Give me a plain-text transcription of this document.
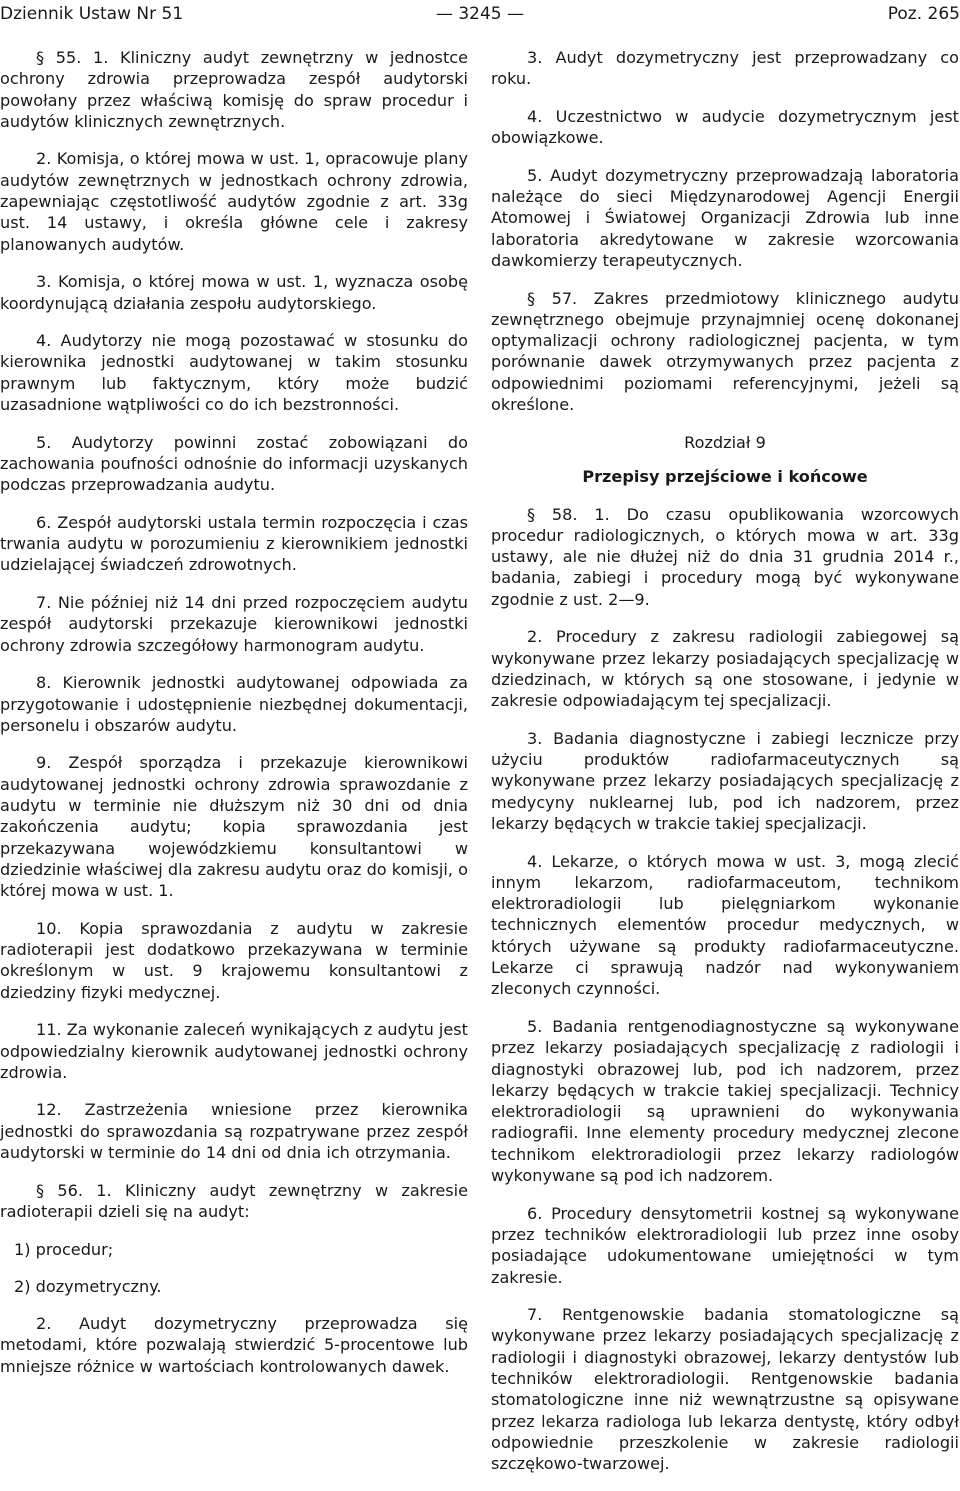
— 3245 —
Dziennik Ustaw Nr 51	Poz. 265

§ 55. 1. Kliniczny audyt zewnętrzny w jednostce ochrony zdrowia przeprowadza zespół audytorski powołany przez właściwą komisję do spraw procedur i audytów klinicznych zewnętrznych.

2. Komisja, o której mowa w ust. 1, opracowuje plany audytów zewnętrznych w jednostkach ochrony zdrowia, zapewniając częstotliwość audytów zgodnie z art. 33g ust. 14 ustawy, i określa główne cele i zakresy planowanych audytów.

3. Komisja, o której mowa w ust. 1, wyznacza osobę koordynującą działania zespołu audytorskiego.

4. Audytorzy nie mogą pozostawać w stosunku do kierownika jednostki audytowanej w takim stosunku prawnym lub faktycznym, który może budzić uzasadnione wątpliwości co do ich bezstronności.

5. Audytorzy powinni zostać zobowiązani do zachowania poufności odnośnie do informacji uzyskanych podczas przeprowadzania audytu.

6. Zespół audytorski ustala termin rozpoczęcia i czas trwania audytu w porozumieniu z kierownikiem jednostki udzielającej świadczeń zdrowotnych.

7. Nie później niż 14 dni przed rozpoczęciem audytu zespół audytorski przekazuje kierownikowi jednostki ochrony zdrowia szczegółowy harmonogram audytu.

8. Kierownik jednostki audytowanej odpowiada za przygotowanie i udostępnienie niezbędnej dokumentacji, personelu i obszarów audytu.

9. Zespół sporządza i przekazuje kierownikowi audytowanej jednostki ochrony zdrowia sprawozdanie z audytu w terminie nie dłuższym niż 30 dni od dnia zakończenia audytu; kopia sprawozdania jest przekazywana wojewódzkiemu konsultantowi w dziedzinie właściwej dla zakresu audytu oraz do komisji, o której mowa w ust. 1.

10. Kopia sprawozdania z audytu w zakresie radioterapii jest dodatkowo przekazywana w terminie określonym w ust. 9 krajowemu konsultantowi z dziedziny fizyki medycznej.

11. Za wykonanie zaleceń wynikających z audytu jest odpowiedzialny kierownik audytowanej jednostki ochrony zdrowia.

12. Zastrzeżenia wniesione przez kierownika jednostki do sprawozdania są rozpatrywane przez zespół audytorski w terminie do 14 dni od dnia ich otrzymania.

§ 56. 1. Kliniczny audyt zewnętrzny w zakresie radioterapii dzieli się na audyt:

1) procedur;

2) dozymetryczny.

2. Audyt dozymetryczny przeprowadza się metodami, które pozwalają stwierdzić 5-procentowe lub mniejsze różnice w wartościach kontrolowanych dawek.

3. Audyt dozymetryczny jest przeprowadzany co roku.

4. Uczestnictwo w audycie dozymetrycznym jest obowiązkowe.

5. Audyt dozymetryczny przeprowadzają laboratoria należące do sieci Międzynarodowej Agencji Energii Atomowej i Światowej Organizacji Zdrowia lub inne laboratoria akredytowane w zakresie wzorcowania dawkomierzy terapeutycznych.

§ 57. Zakres przedmiotowy klinicznego audytu zewnętrznego obejmuje przynajmniej ocenę dokonanej optymalizacji ochrony radiologicznej pacjenta, w tym porównanie dawek otrzymywanych przez pacjenta z odpowiednimi poziomami referencyjnymi, jeżeli są określone.

Rozdział 9

Przepisy przejściowe i końcowe

§ 58. 1. Do czasu opublikowania wzorcowych procedur radiologicznych, o których mowa w art. 33g ustawy, ale nie dłużej niż do dnia 31 grudnia 2014 r., badania, zabiegi i procedury mogą być wykonywane zgodnie z ust. 2—9.

2. Procedury z zakresu radiologii zabiegowej są wykonywane przez lekarzy posiadających specjalizację w dziedzinach, w których są one stosowane, i jedynie w zakresie odpowiadającym tej specjalizacji.

3. Badania diagnostyczne i zabiegi lecznicze przy użyciu produktów radiofarmaceutycznych są wykonywane przez lekarzy posiadających specjalizację z medycyny nuklearnej lub, pod ich nadzorem, przez lekarzy będących w trakcie takiej specjalizacji.

4. Lekarze, o których mowa w ust. 3, mogą zlecić innym lekarzom, radiofarmaceutom, technikom elektroradiologii lub pielęgniarkom wykonanie technicznych elementów procedur medycznych, w których używane są produkty radiofarmaceutyczne. Lekarze ci sprawują nadzór nad wykonywaniem zleconych czynności.

5. Badania rentgenodiagnostyczne są wykonywane przez lekarzy posiadających specjalizację z radiologii i diagnostyki obrazowej lub, pod ich nadzorem, przez lekarzy będących w trakcie takiej specjalizacji. Technicy elektroradiologii są uprawnieni do wykonywania radiografii. Inne elementy procedury medycznej zlecone technikom elektroradiologii przez lekarzy radiologów wykonywane są pod ich nadzorem.

6. Procedury densytometrii kostnej są wykonywane przez techników elektroradiologii lub przez inne osoby posiadające udokumentowane umiejętności w tym zakresie.

7. Rentgenowskie badania stomatologiczne są wykonywane przez lekarzy posiadających specjalizację z radiologii i diagnostyki obrazowej, lekarzy dentystów lub techników elektroradiologii. Rentgenowskie badania stomatologiczne inne niż wewnątrzustne są opisywane przez lekarza radiologa lub lekarza dentystę, który odbył odpowiednie przeszkolenie w zakresie radiologii szczękowo-twarzowej.
